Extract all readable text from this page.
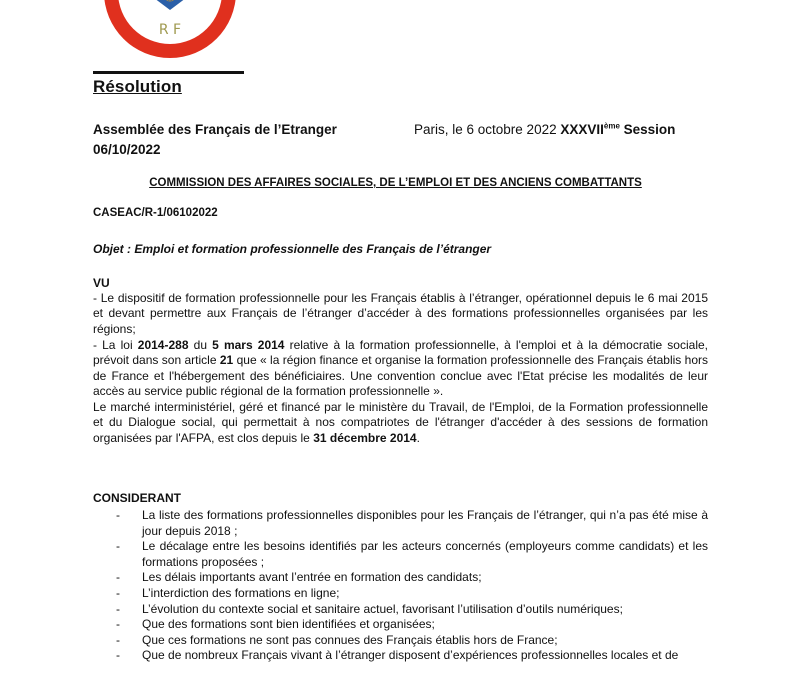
R F
Résolution
Assemblée des Français de l’Etranger
06/10/2022
Paris, le 6 octobre 2022 XXXVIIème Session
COMMISSION DES AFFAIRES SOCIALES, DE L’EMPLOI ET DES ANCIENS COMBATTANTS
CASEAC/R-1/06102022
Objet : Emploi et formation professionnelle des Français de l’étranger
VU
- Le dispositif de formation professionnelle pour les Français établis à l’étranger, opérationnel depuis le 6 mai 2015 et devant permettre aux Français de l’étranger d’accéder à des formations professionnelles organisées par les régions;
- La loi 2014-288 du 5 mars 2014 relative à la formation professionnelle, à l'emploi et à la démocratie sociale, prévoit dans son article 21 que « la région finance et organise la formation professionnelle des Français établis hors de France et l'hébergement des bénéficiaires. Une convention conclue avec l'Etat précise les modalités de leur accès au service public régional de la formation professionnelle ».
Le marché interministériel, géré et financé par le ministère du Travail, de l'Emploi, de la Formation professionnelle et du Dialogue social, qui permettait à nos compatriotes de l'étranger d'accéder à des sessions de formation organisées par l'AFPA, est clos depuis le 31 décembre 2014.
CONSIDERANT
- La liste des formations professionnelles disponibles pour les Français de l’étranger, qui n’a pas été mise à jour depuis 2018 ;
- Le décalage entre les besoins identifiés par les acteurs concernés (employeurs comme candidats) et les formations proposées ;
- Les délais importants avant l’entrée en formation des candidats;
- L’interdiction des formations en ligne;
- L’évolution du contexte social et sanitaire actuel, favorisant l’utilisation d’outils numériques;
- Que des formations sont bien identifiées et organisées;
- Que ces formations ne sont pas connues des Français établis hors de France;
- Que de nombreux Français vivant à l’étranger disposent d’expériences professionnelles locales et de
